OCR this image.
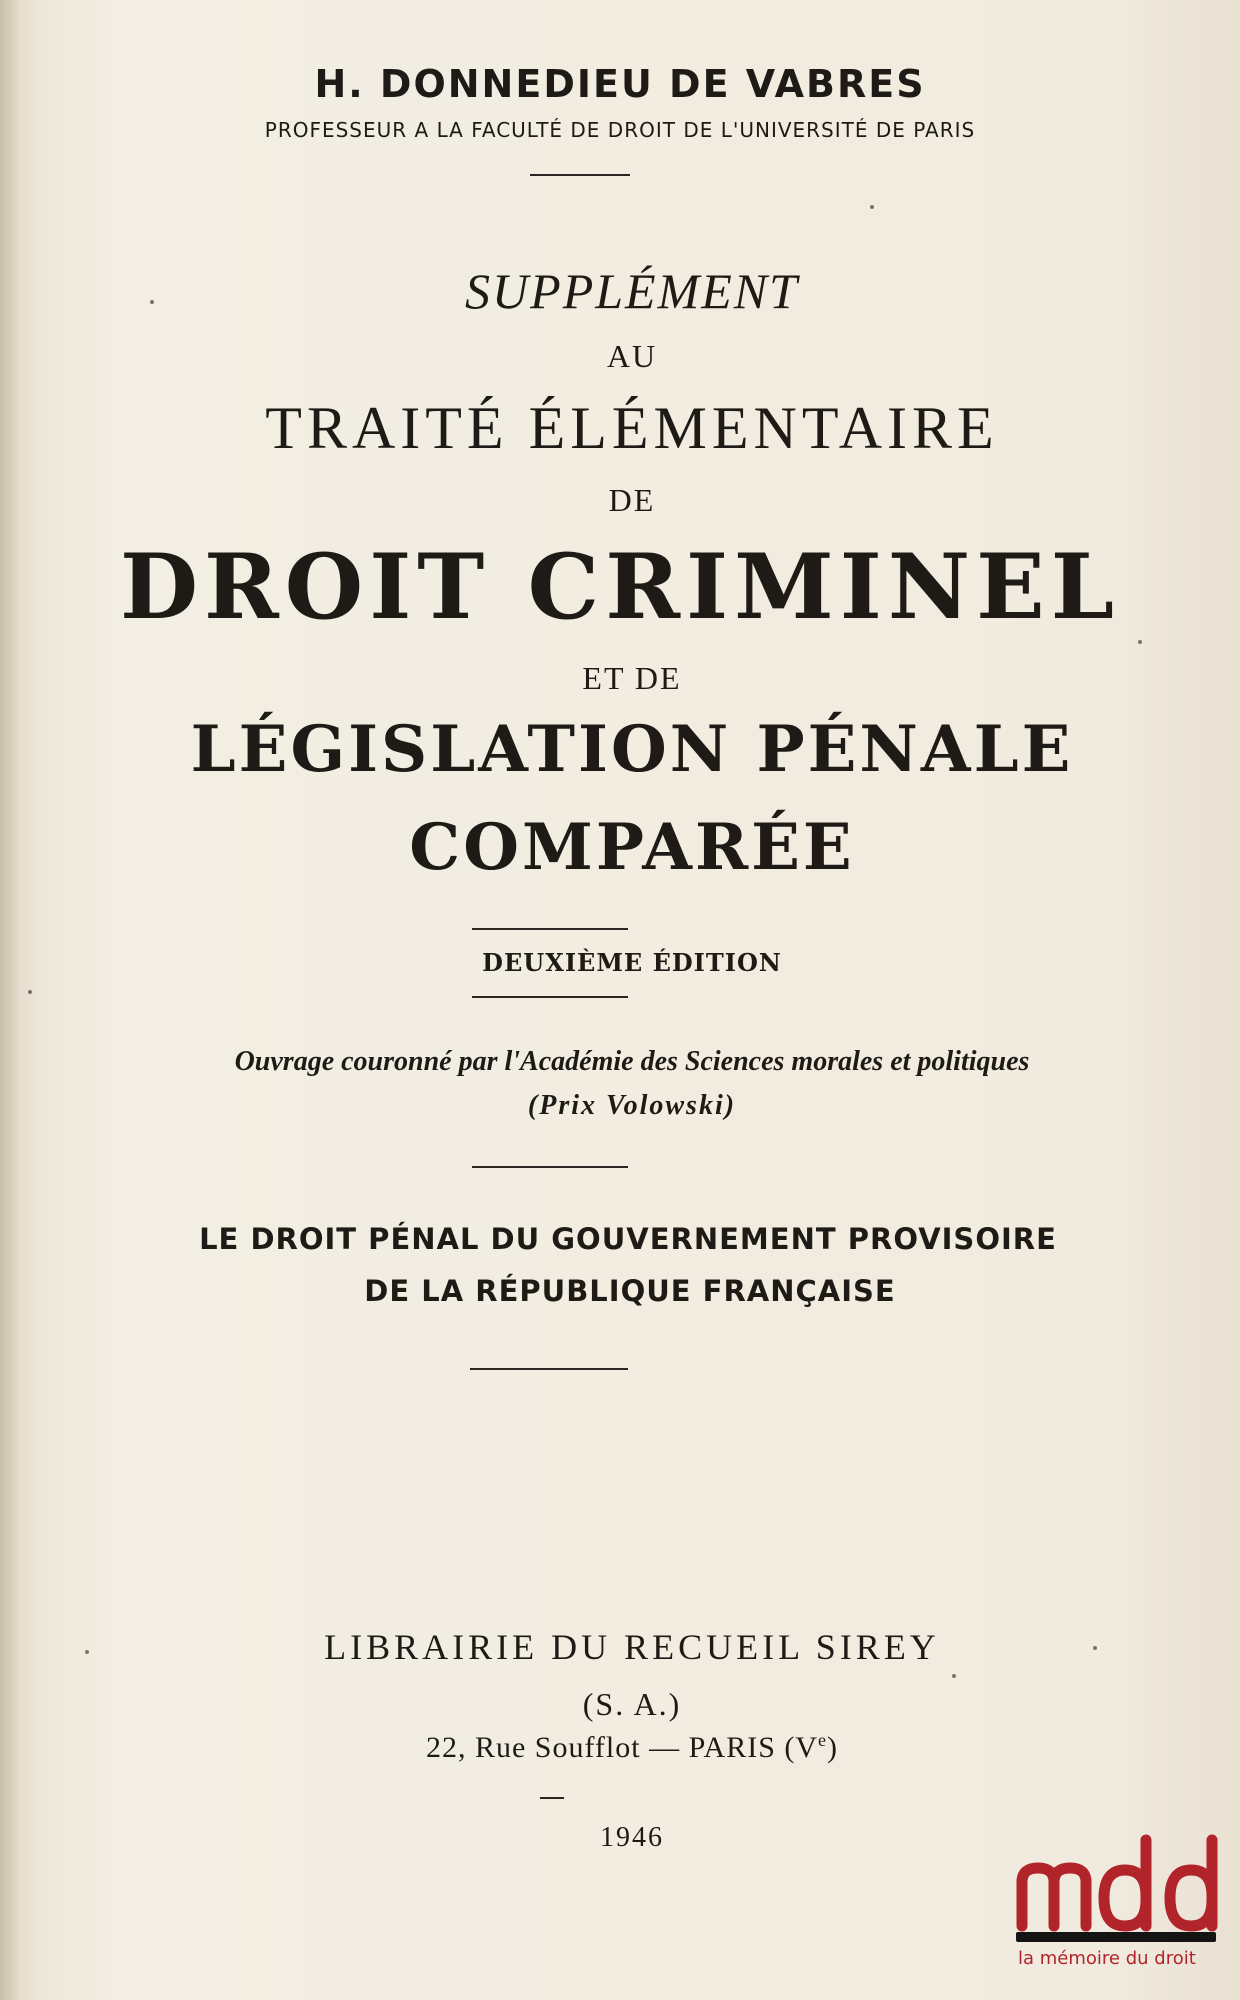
H. DONNEDIEU DE VABRES

PROFESSEUR A LA FACULTÉ DE DROIT DE L'UNIVERSITÉ DE PARIS

SUPPLÉMENT

AU

TRAITÉ ÉLÉMENTAIRE

DE

DROIT CRIMINEL

ET DE

LÉGISLATION PÉNALE

COMPARÉE

DEUXIÈME ÉDITION

Ouvrage couronné par l'Académie des Sciences morales et politiques

(Prix Volowski)

LE DROIT PÉNAL DU GOUVERNEMENT PROVISOIRE

DE LA RÉPUBLIQUE FRANÇAISE

LIBRAIRIE DU RECUEIL SIREY

(S. A.)

22, Rue Soufflot — PARIS (Ve)

1946

la mémoire du droit
